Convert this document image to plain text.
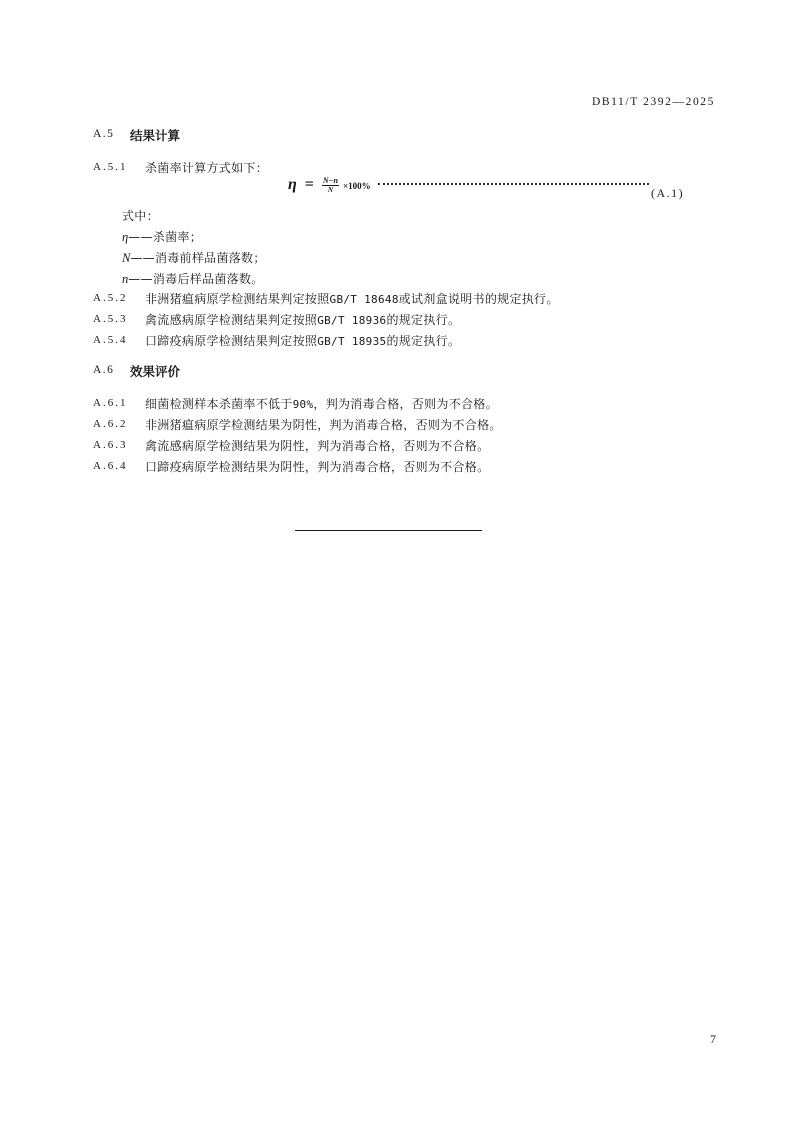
DB11/T 2392—2025
A.5 结果计算
A.5.1 杀菌率计算方式如下：
$\eta = \frac{N-n}{N} \times 100\%$	(A.1)
式中：
η——杀菌率；
N——消毒前样品菌落数；
n——消毒后样品菌落数。
A.5.2 非洲猪瘟病原学检测结果判定按照GB/T 18648或试剂盒说明书的规定执行。
A.5.3 禽流感病原学检测结果判定按照GB/T 18936的规定执行。
A.5.4 口蹄疫病原学检测结果判定按照GB/T 18935的规定执行。
A.6 效果评价
A.6.1 细菌检测样本杀菌率不低于90%，判为消毒合格，否则为不合格。
A.6.2 非洲猪瘟病原学检测结果为阴性，判为消毒合格，否则为不合格。
A.6.3 禽流感病原学检测结果为阴性，判为消毒合格，否则为不合格。
A.6.4 口蹄疫病原学检测结果为阴性，判为消毒合格，否则为不合格。
7
